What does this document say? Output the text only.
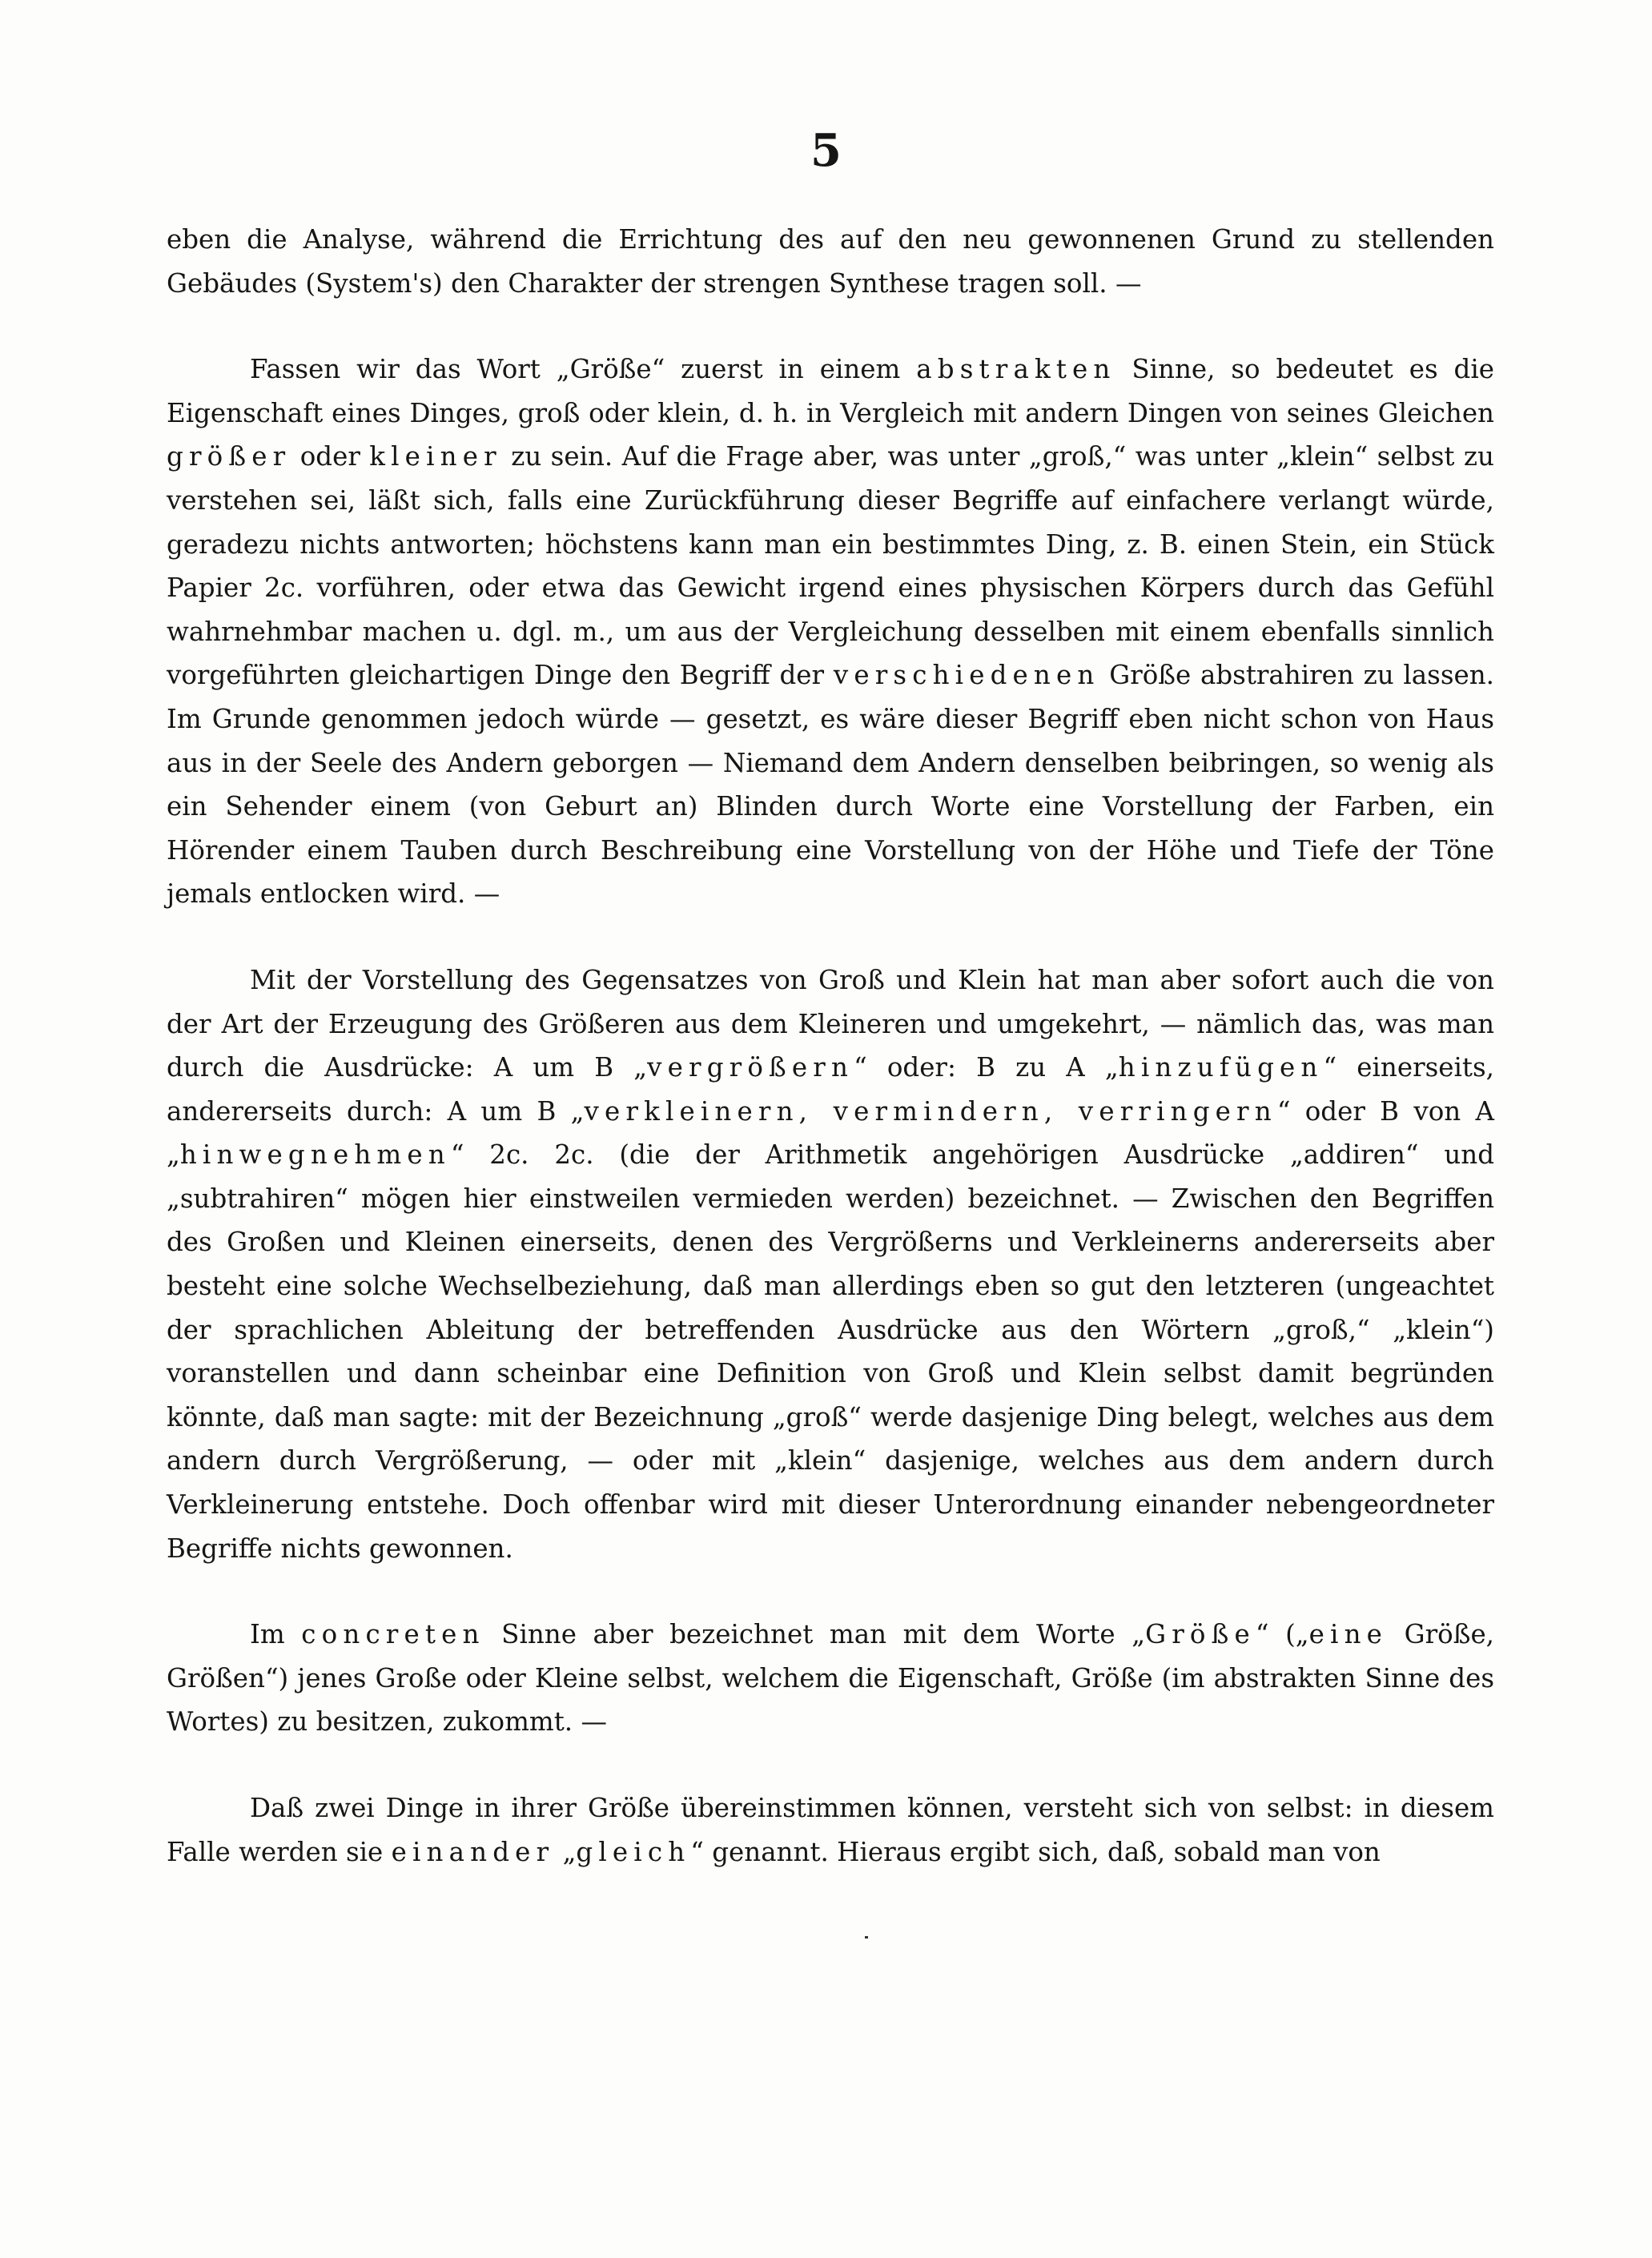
5

eben die Analyse, während die Errichtung des auf den neu gewonnenen Grund zu stellenden Gebäudes (System's) den Charakter der strengen Synthese tragen soll. —

Fassen wir das Wort „Größe“ zuerst in einem abstrakten Sinne, so bedeutet es die Eigenschaft eines Dinges, groß oder klein, d. h. in Vergleich mit andern Dingen von seines Gleichen größer oder kleiner zu sein. Auf die Frage aber, was unter „groß,“ was unter „klein“ selbst zu verstehen sei, läßt sich, falls eine Zurückführung dieser Begriffe auf einfachere verlangt würde, geradezu nichts antworten; höchstens kann man ein bestimmtes Ding, z. B. einen Stein, ein Stück Papier 2c. vorführen, oder etwa das Gewicht irgend eines physischen Körpers durch das Gefühl wahrnehmbar machen u. dgl. m., um aus der Vergleichung desselben mit einem ebenfalls sinnlich vorgeführten gleichartigen Dinge den Begriff der verschiedenen Größe abstrahiren zu lassen. Im Grunde genommen jedoch würde — gesetzt, es wäre dieser Begriff eben nicht schon von Haus aus in der Seele des Andern geborgen — Niemand dem Andern denselben beibringen, so wenig als ein Sehender einem (von Geburt an) Blinden durch Worte eine Vorstellung der Farben, ein Hörender einem Tauben durch Beschreibung eine Vorstellung von der Höhe und Tiefe der Töne jemals entlocken wird. —

Mit der Vorstellung des Gegensatzes von Groß und Klein hat man aber sofort auch die von der Art der Erzeugung des Größeren aus dem Kleineren und umgekehrt, — nämlich das, was man durch die Ausdrücke: A um B „vergrößern“ oder: B zu A „hinzufügen“ einerseits, andererseits durch: A um B „verkleinern, vermindern, verringern“ oder B von A „hinwegnehmen“ 2c. 2c. (die der Arithmetik angehörigen Ausdrücke „addiren“ und „subtrahiren“ mögen hier einstweilen vermieden werden) bezeichnet. — Zwischen den Begriffen des Großen und Kleinen einerseits, denen des Vergrößerns und Verkleinerns andererseits aber besteht eine solche Wechselbeziehung, daß man allerdings eben so gut den letzteren (ungeachtet der sprachlichen Ableitung der betreffenden Ausdrücke aus den Wörtern „groß,“ „klein“) voranstellen und dann scheinbar eine Definition von Groß und Klein selbst damit begründen könnte, daß man sagte: mit der Bezeichnung „groß“ werde dasjenige Ding belegt, welches aus dem andern durch Vergrößerung, — oder mit „klein“ dasjenige, welches aus dem andern durch Verkleinerung entstehe. Doch offenbar wird mit dieser Unterordnung einander nebengeordneter Begriffe nichts gewonnen.

Im concreten Sinne aber bezeichnet man mit dem Worte „Größe“ („eine Größe, Größen“) jenes Große oder Kleine selbst, welchem die Eigenschaft, Größe (im abstrakten Sinne des Wortes) zu besitzen, zukommt. —

Daß zwei Dinge in ihrer Größe übereinstimmen können, versteht sich von selbst: in diesem Falle werden sie einander „gleich“ genannt. Hieraus ergibt sich, daß, sobald man von
